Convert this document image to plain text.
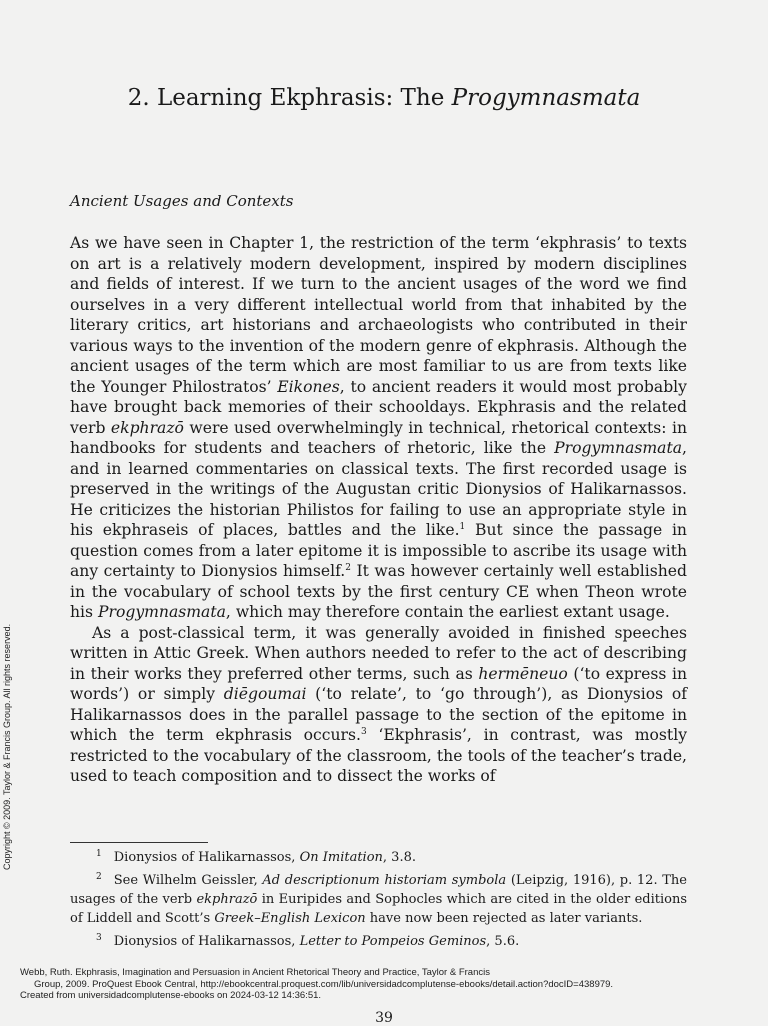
2. Learning Ekphrasis: The Progymnasmata
Ancient Usages and Contexts

As we have seen in Chapter 1, the restriction of the term ‘ekphrasis’ to texts on art is a relatively modern development, inspired by modern disciplines and fields of interest. If we turn to the ancient usages of the word we find ourselves in a very different intellectual world from that inhabited by the literary critics, art historians and archaeologists who contributed in their various ways to the invention of the modern genre of ekphrasis. Although the ancient usages of the term which are most familiar to us are from texts like the Younger Philostratos’ Eikones, to ancient readers it would most probably have brought back memories of their schooldays. Ekphrasis and the related verb ekphrazō were used overwhelmingly in technical, rhetorical contexts: in handbooks for students and teachers of rhetoric, like the Progymnasmata, and in learned commentaries on classical texts. The first recorded usage is preserved in the writings of the Augustan critic Dionysios of Halikarnassos. He criticizes the historian Philistos for failing to use an appropriate style in his ekphraseis of places, battles and the like.$^1$ But since the passage in question comes from a later epitome it is impossible to ascribe its usage with any certainty to Dionysios himself.$^2$ It was however certainly well established in the vocabulary of school texts by the first century CE when Theon wrote his Progymnasmata, which may therefore contain the earliest extant usage.

As a post-classical term, it was generally avoided in finished speeches written in Attic Greek. When authors needed to refer to the act of describing in their works they preferred other terms, such as hermēneuo (‘to express in words’) or simply diēgoumai (‘to relate’, to ‘go through’), as Dionysios of Halikarnassos does in the parallel passage to the section of the epitome in which the term ekphrasis occurs.$^3$ ‘Ekphrasis’, in contrast, was mostly restricted to the vocabulary of the classroom, the tools of the teacher’s trade, used to teach composition and to dissect the works of

$^1$ Dionysios of Halikarnassos, On Imitation, 3.8.

$^2$ See Wilhelm Geissler, Ad descriptionum historiam symbola (Leipzig, 1916), p. 12. The usages of the verb ekphrazō in Euripides and Sophocles which are cited in the older editions of Liddell and Scott’s Greek–English Lexicon have now been rejected as later variants.

$^3$ Dionysios of Halikarnassos, Letter to Pompeios Geminos, 5.6.

Copyright © 2009. Taylor & Francis Group. All rights reserved.
Webb, Ruth. Ekphrasis, Imagination and Persuasion in Ancient Rhetorical Theory and Practice, Taylor & Francis
Group, 2009. ProQuest Ebook Central, http://ebookcentral.proquest.com/lib/universidadcomplutense-ebooks/detail.action?docID=438979.
Created from universidadcomplutense-ebooks on 2024-03-12 14:36:51.
39
